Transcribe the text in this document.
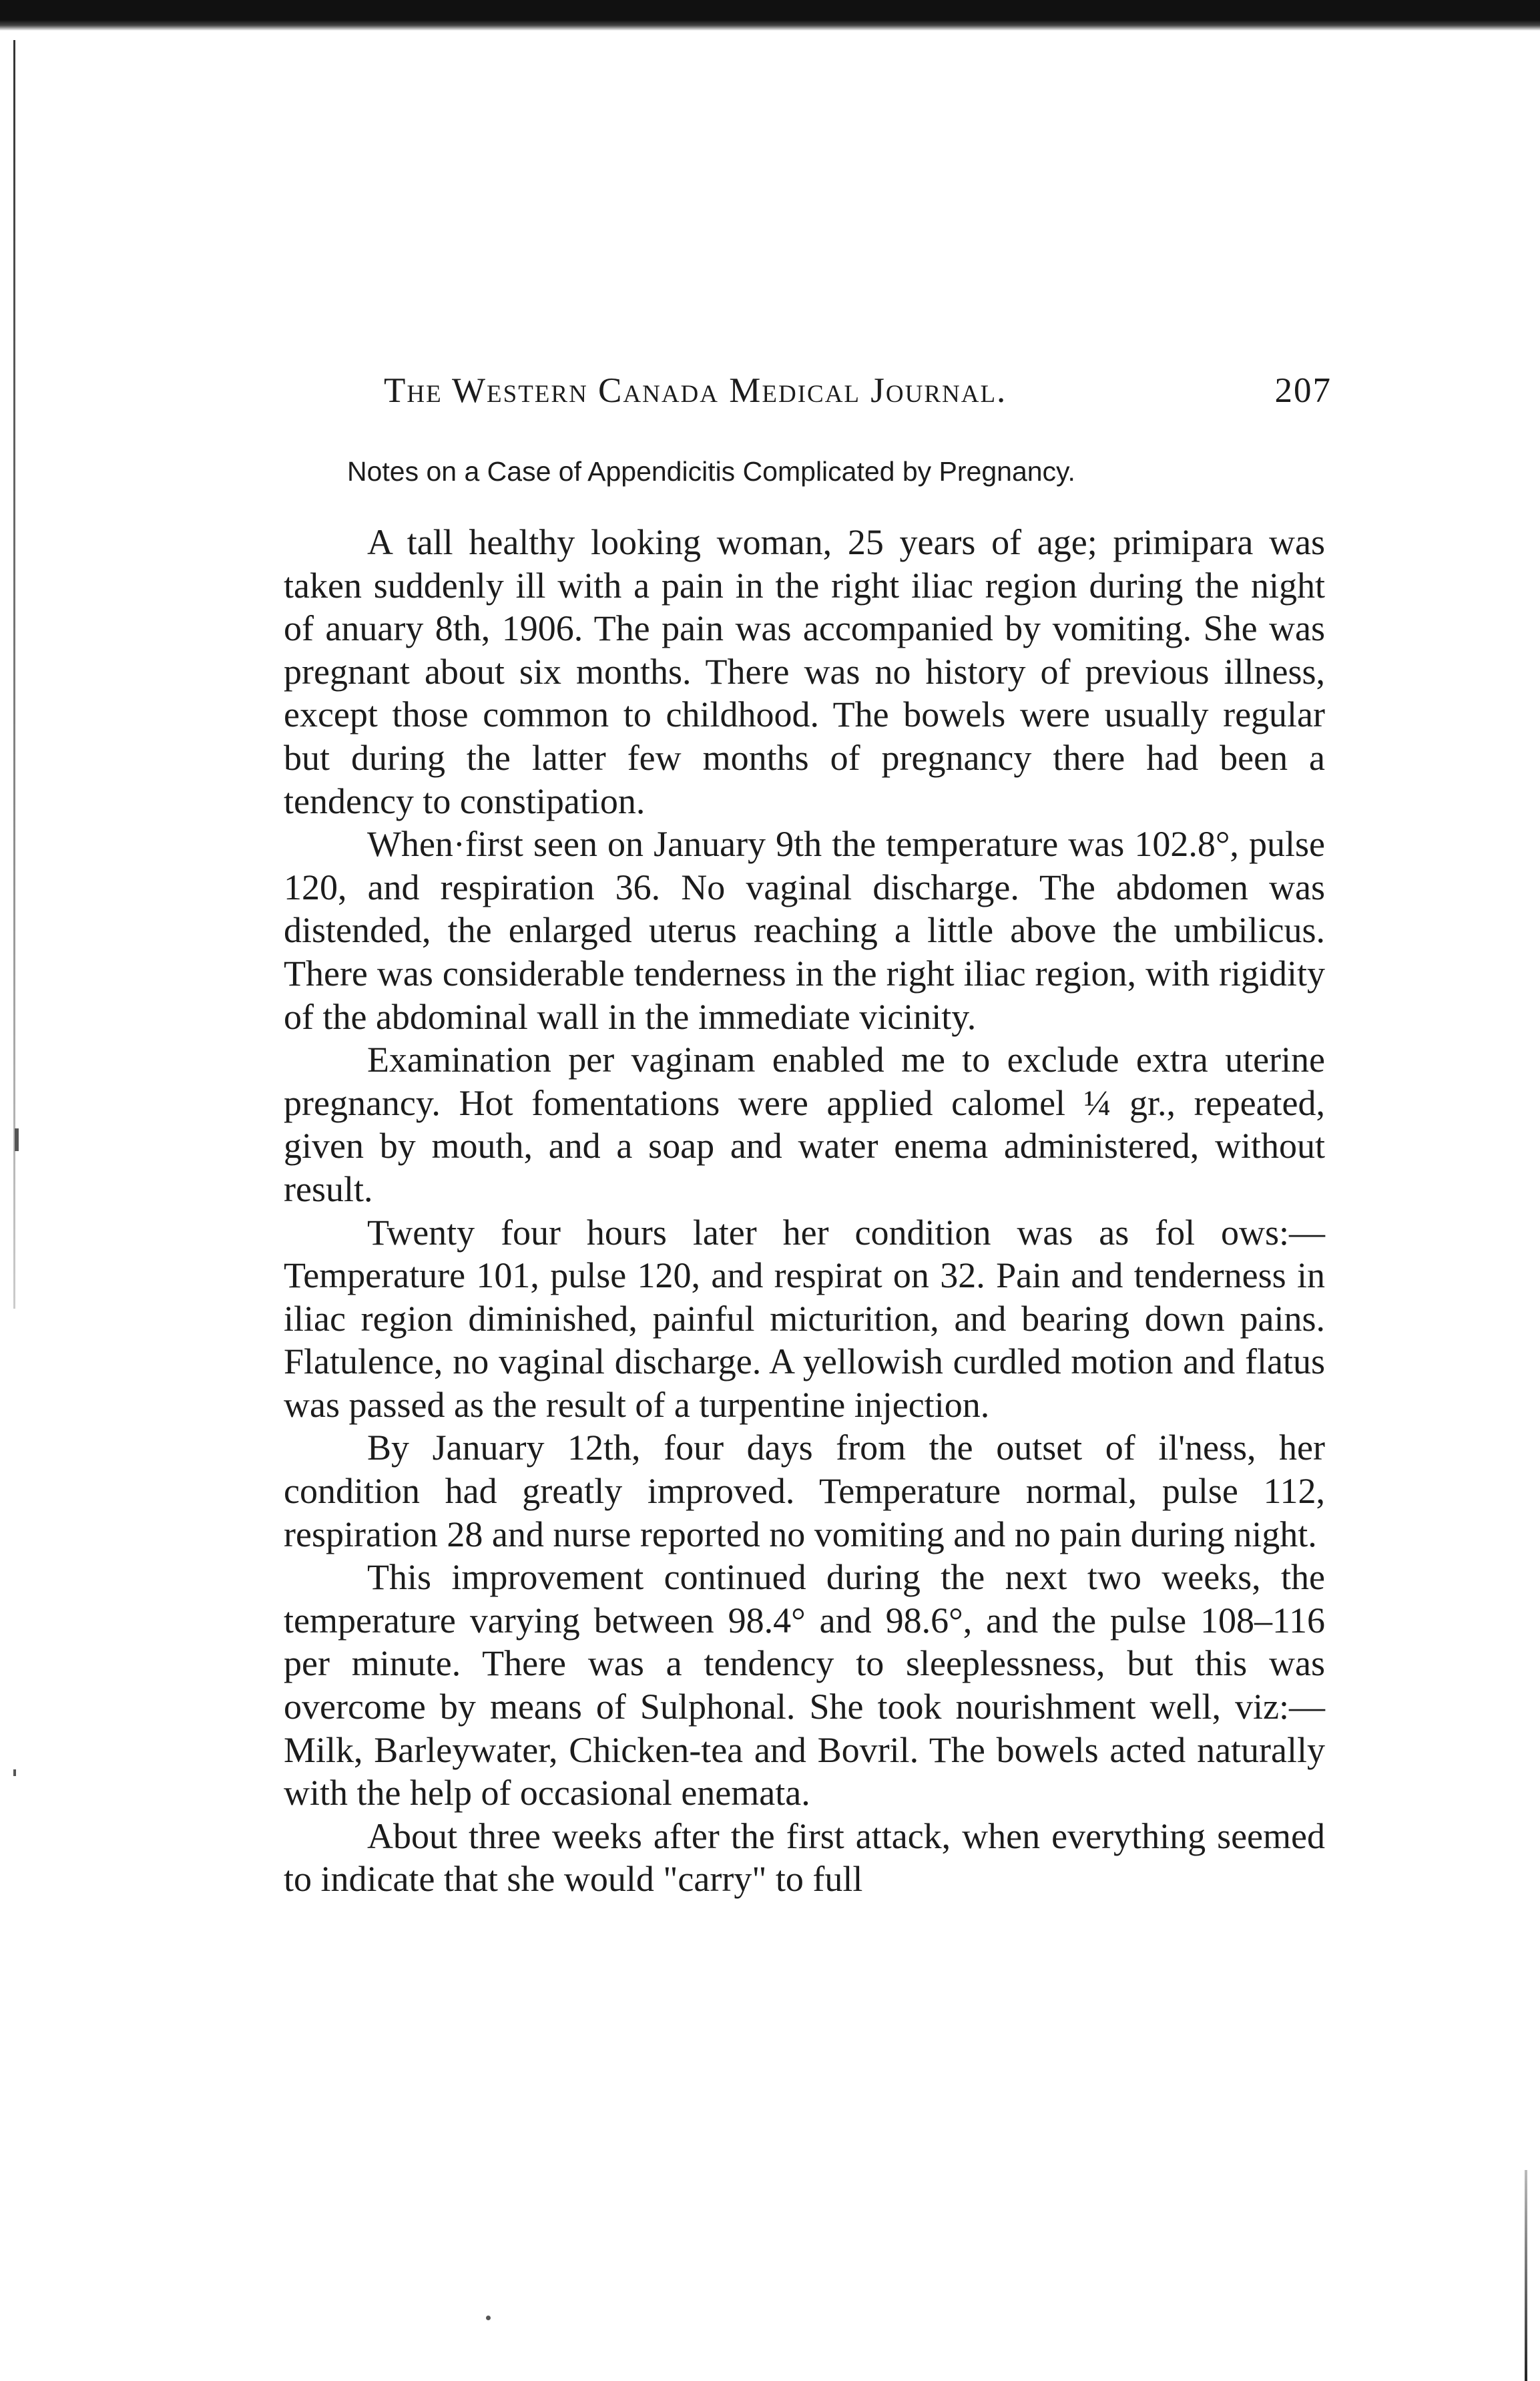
The Western Canada Medical Journal.	207
Notes on a Case of Appendicitis Complicated by Pregnancy.

A tall healthy looking woman, 25 years of age; primipara was taken suddenly ill with a pain in the right iliac region during the night of anuary 8th, 1906. The pain was accompanied by vomiting. She was pregnant about six months. There was no history of previous illness, except those common to childhood. The bowels were usually regular but during the latter few months of pregnancy there had been a tendency to constipation.

When·first seen on January 9th the temperature was 102.8°, pulse 120, and respiration 36. No vaginal discharge. The abdomen was distended, the enlarged uterus reaching a little above the umbilicus. There was considerable tenderness in the right iliac region, with rigidity of the abdominal wall in the immediate vicinity.

Examination per vaginam enabled me to exclude extra uterine pregnancy. Hot fomentations were applied calomel ¼ gr., repeated, given by mouth, and a soap and water enema administered, without result.

Twenty four hours later her condition was as fol ows:— Temperature 101, pulse 120, and respirat on 32. Pain and tenderness in iliac region diminished, painful micturition, and bearing down pains. Flatulence, no vaginal discharge. A yellowish curdled motion and flatus was passed as the result of a turpentine injection.

By January 12th, four days from the outset of il'ness, her condition had greatly improved. Temperature normal, pulse 112, respiration 28 and nurse reported no vomiting and no pain during night.

This improvement continued during the next two weeks, the temperature varying between 98.4° and 98.6°, and the pulse 108–116 per minute. There was a tendency to sleeplessness, but this was overcome by means of Sulphonal. She took nourishment well, viz:—Milk, Barleywater, Chicken-tea and Bovril. The bowels acted naturally with the help of occasional enemata.

About three weeks after the first attack, when everything seemed to indicate that she would "carry" to full
